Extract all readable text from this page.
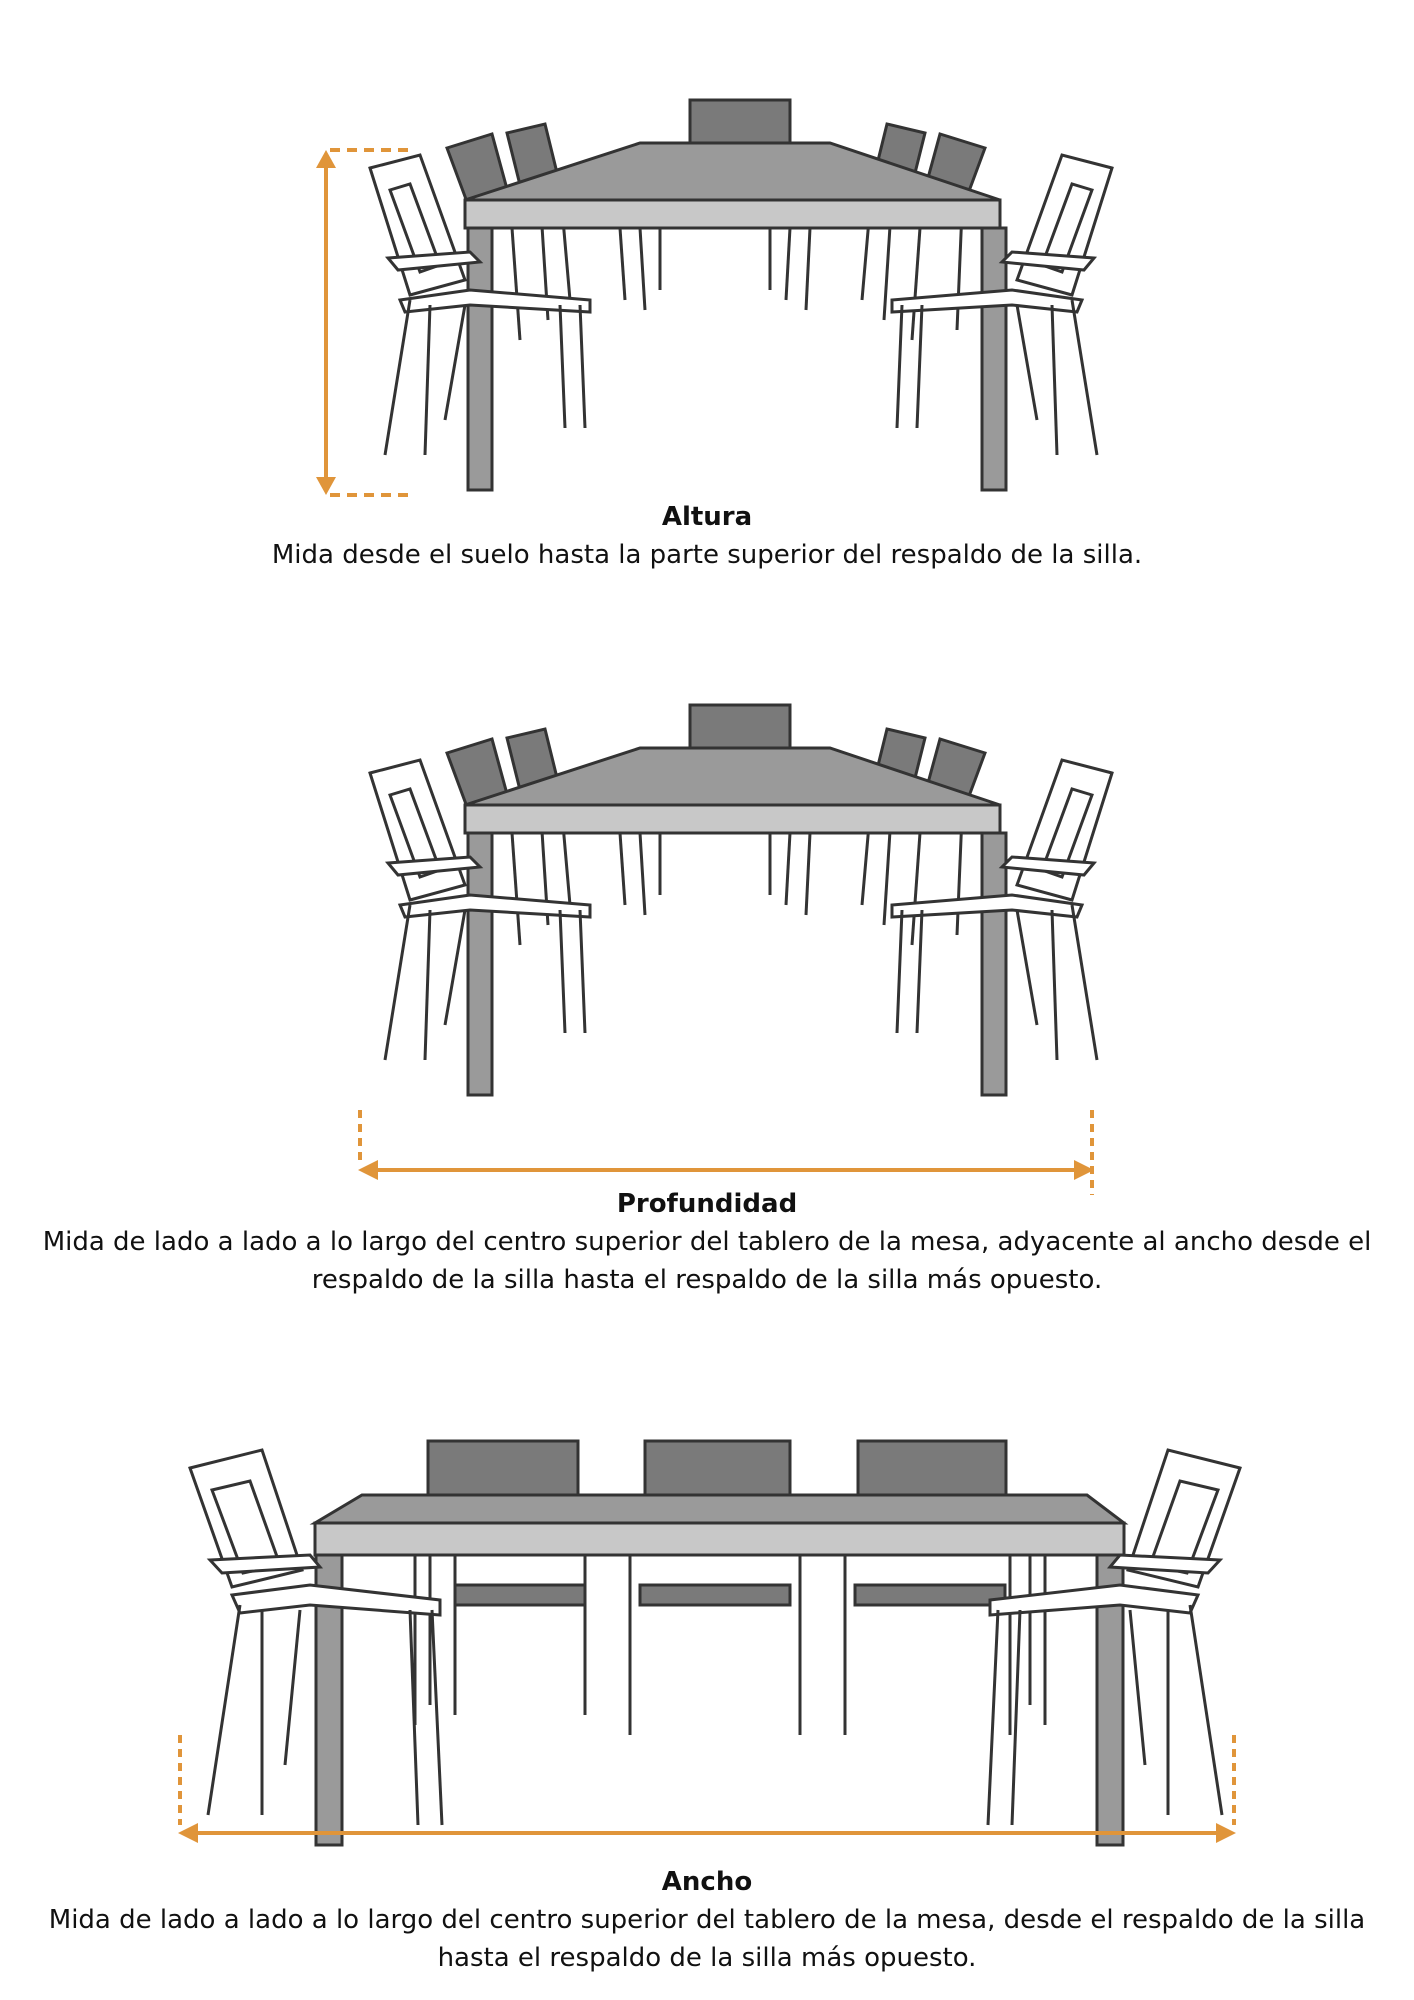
Altura

Mida desde el suelo hasta la parte superior del respaldo de la silla.

Profundidad

Mida de lado a lado a lo largo del centro superior del tablero de la mesa, adyacente al ancho desde el respaldo de la silla hasta el respaldo de la silla más opuesto.

Ancho

Mida de lado a lado a lo largo del centro superior del tablero de la mesa, desde el respaldo de la silla hasta el respaldo de la silla más opuesto.
